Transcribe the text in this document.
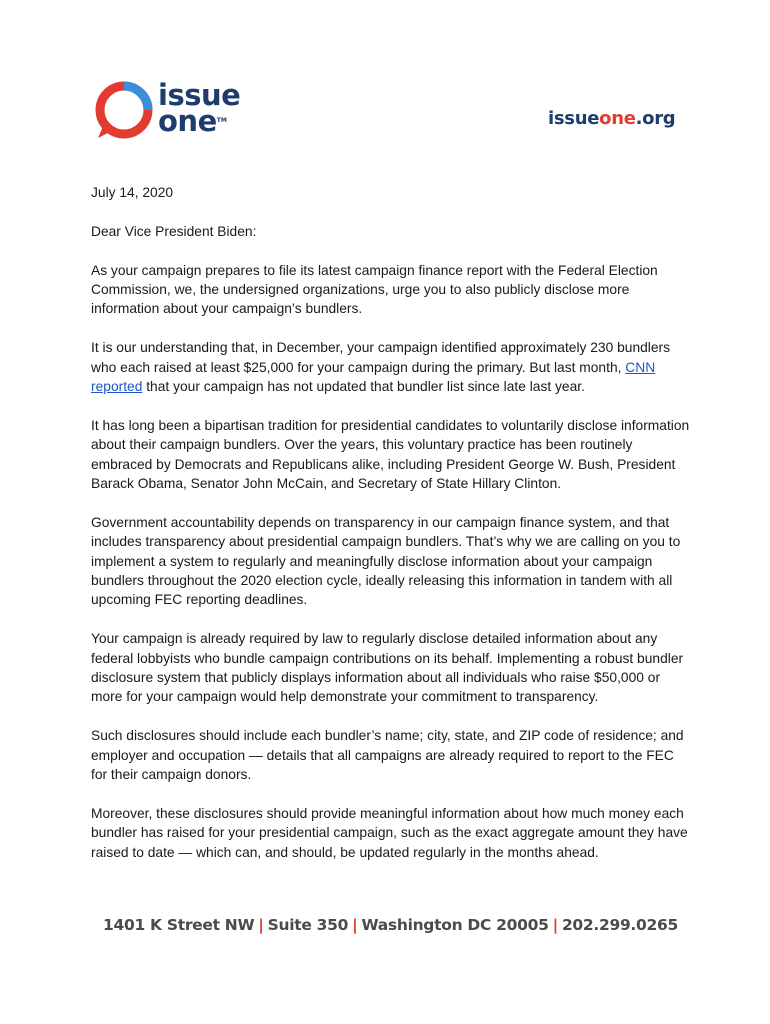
issue
one™	issueone.org

July 14, 2020

Dear Vice President Biden:

As your campaign prepares to file its latest campaign finance report with the Federal Election Commission, we, the undersigned organizations, urge you to also publicly disclose more information about your campaign’s bundlers.

It is our understanding that, in December, your campaign identified approximately 230 bundlers who each raised at least $25,000 for your campaign during the primary. But last month, CNN reported that your campaign has not updated that bundler list since late last year.

It has long been a bipartisan tradition for presidential candidates to voluntarily disclose information about their campaign bundlers. Over the years, this voluntary practice has been routinely embraced by Democrats and Republicans alike, including President George W. Bush, President Barack Obama, Senator John McCain, and Secretary of State Hillary Clinton.

Government accountability depends on transparency in our campaign finance system, and that includes transparency about presidential campaign bundlers. That’s why we are calling on you to implement a system to regularly and meaningfully disclose information about your campaign bundlers throughout the 2020 election cycle, ideally releasing this information in tandem with all upcoming FEC reporting deadlines.

Your campaign is already required by law to regularly disclose detailed information about any federal lobbyists who bundle campaign contributions on its behalf. Implementing a robust bundler disclosure system that publicly displays information about all individuals who raise $50,000 or more for your campaign would help demonstrate your commitment to transparency.

Such disclosures should include each bundler’s name; city, state, and ZIP code of residence; and employer and occupation — details that all campaigns are already required to report to the FEC for their campaign donors.

Moreover, these disclosures should provide meaningful information about how much money each bundler has raised for your presidential campaign, such as the exact aggregate amount they have raised to date — which can, and should, be updated regularly in the months ahead.

1401 K Street NW | Suite 350 | Washington DC 20005 | 202.299.0265
